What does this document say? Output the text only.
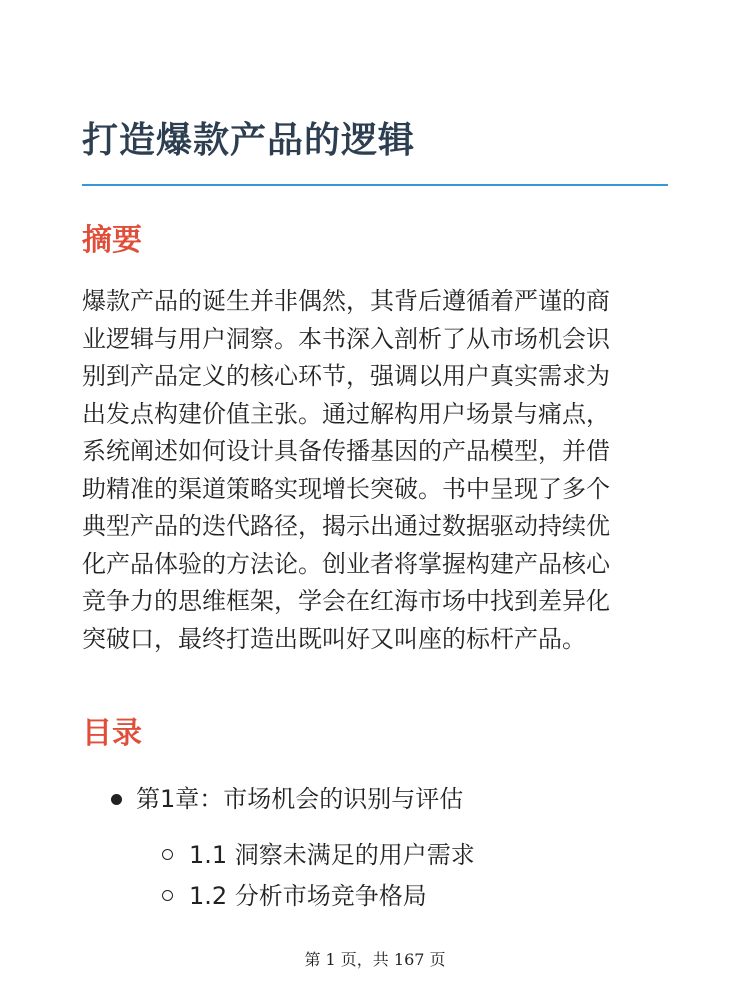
打造爆款产品的逻辑
摘要

爆款产品的诞生并非偶然，其背后遵循着严谨的商
业逻辑与用户洞察。本书深入剖析了从市场机会识
别到产品定义的核心环节，强调以用户真实需求为
出发点构建价值主张。通过解构用户场景与痛点，
系统阐述如何设计具备传播基因的产品模型，并借
助精准的渠道策略实现增长突破。书中呈现了多个
典型产品的迭代路径，揭示出通过数据驱动持续优
化产品体验的方法论。创业者将掌握构建产品核心
竞争力的思维框架，学会在红海市场中找到差异化
突破口，最终打造出既叫好又叫座的标杆产品。

目录
第1章：市场机会的识别与评估
1.1 洞察未满足的用户需求
1.2 分析市场竞争格局
第 1 页，共 167 页
